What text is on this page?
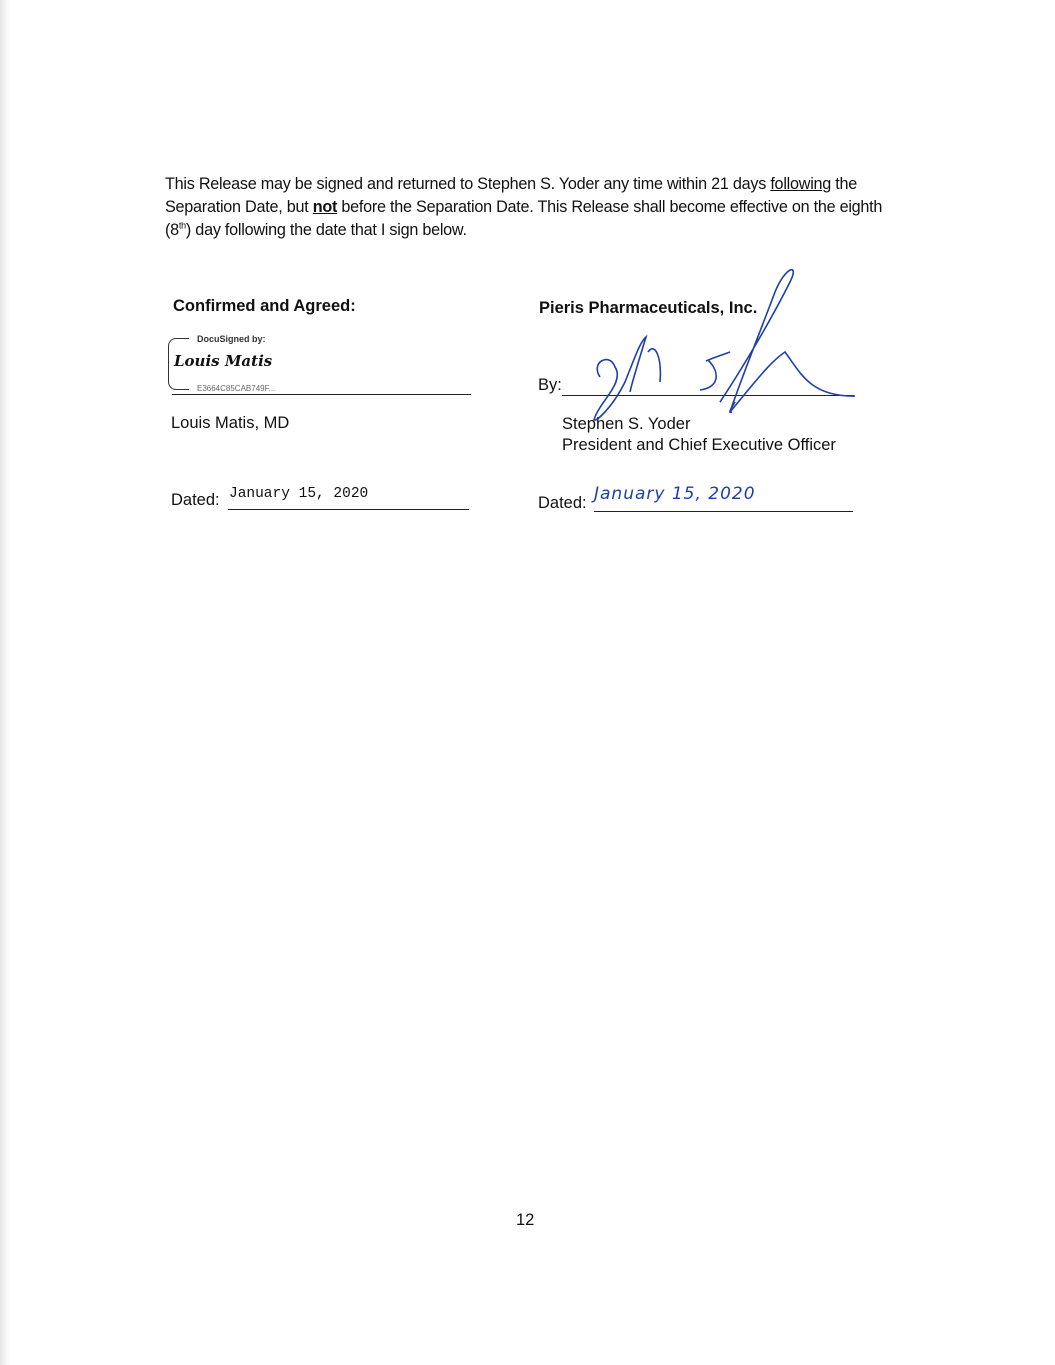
This Release may be signed and returned to Stephen S. Yoder any time within 21 days following the Separation Date, but not before the Separation Date. This Release shall become effective on the eighth (8th) day following the date that I sign below.
Confirmed and Agreed:
DocuSigned by:
Louis Matis
E3664C85CAB749F...
Louis Matis, MD
Dated: January 15, 2020
Pieris Pharmaceuticals, Inc.
By:
Stephen S. Yoder
President and Chief Executive Officer
Dated: January 15, 2020
12
